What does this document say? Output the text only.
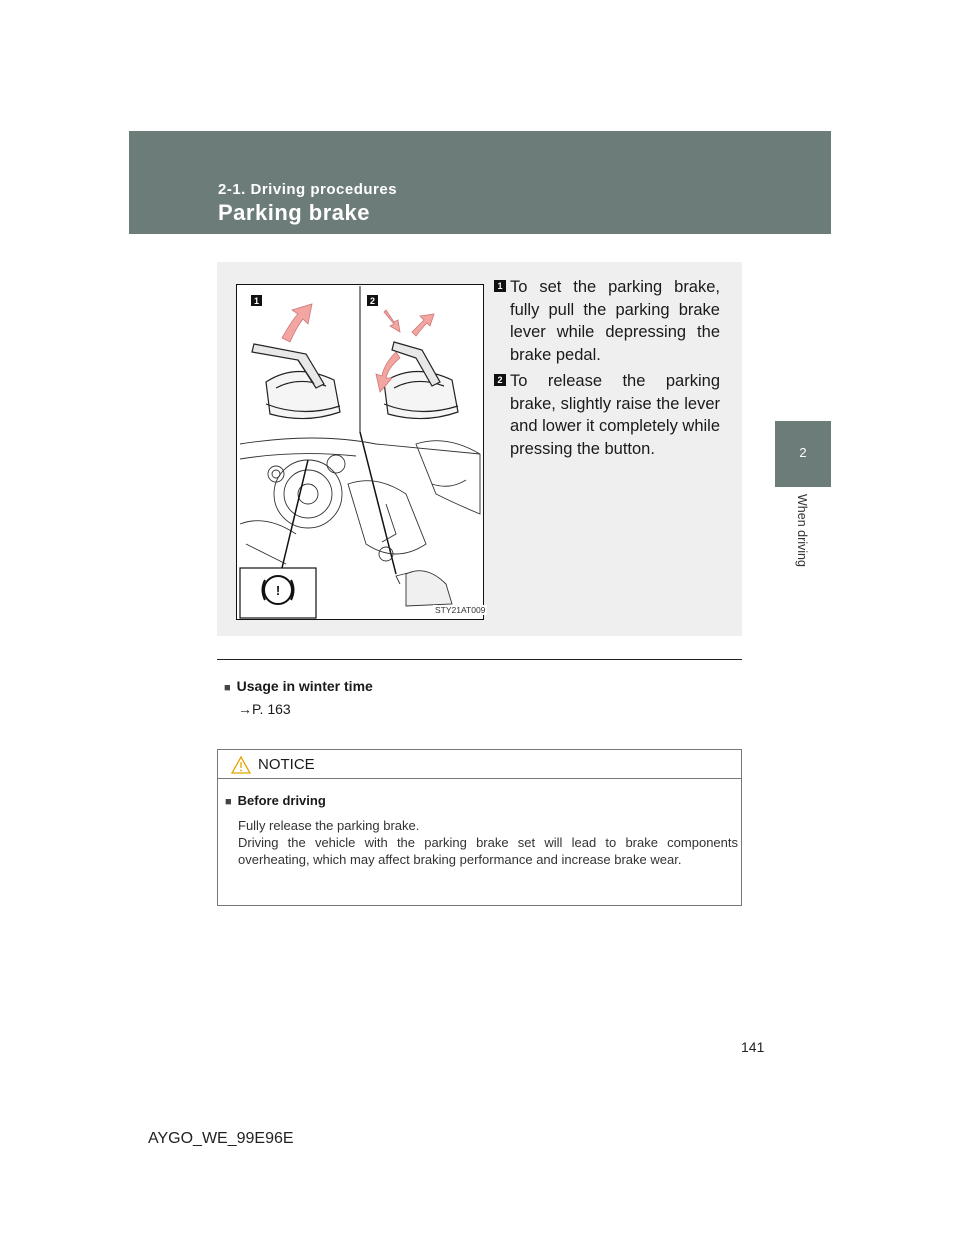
2-1. Driving procedures

Parking brake
2
When driving
1	2
!
STY21AT009
1 To set the parking brake, fully pull the parking brake lever while depressing the brake pedal.
2 To release the parking brake, slightly raise the lever and lower it completely while pressing the button.
■ Usage in winter time
→P. 163
NOTICE
■ Before driving
Fully release the parking brake.
Driving the vehicle with the parking brake set will lead to brake components overheating, which may affect braking performance and increase brake wear.
141
AYGO_WE_99E96E
